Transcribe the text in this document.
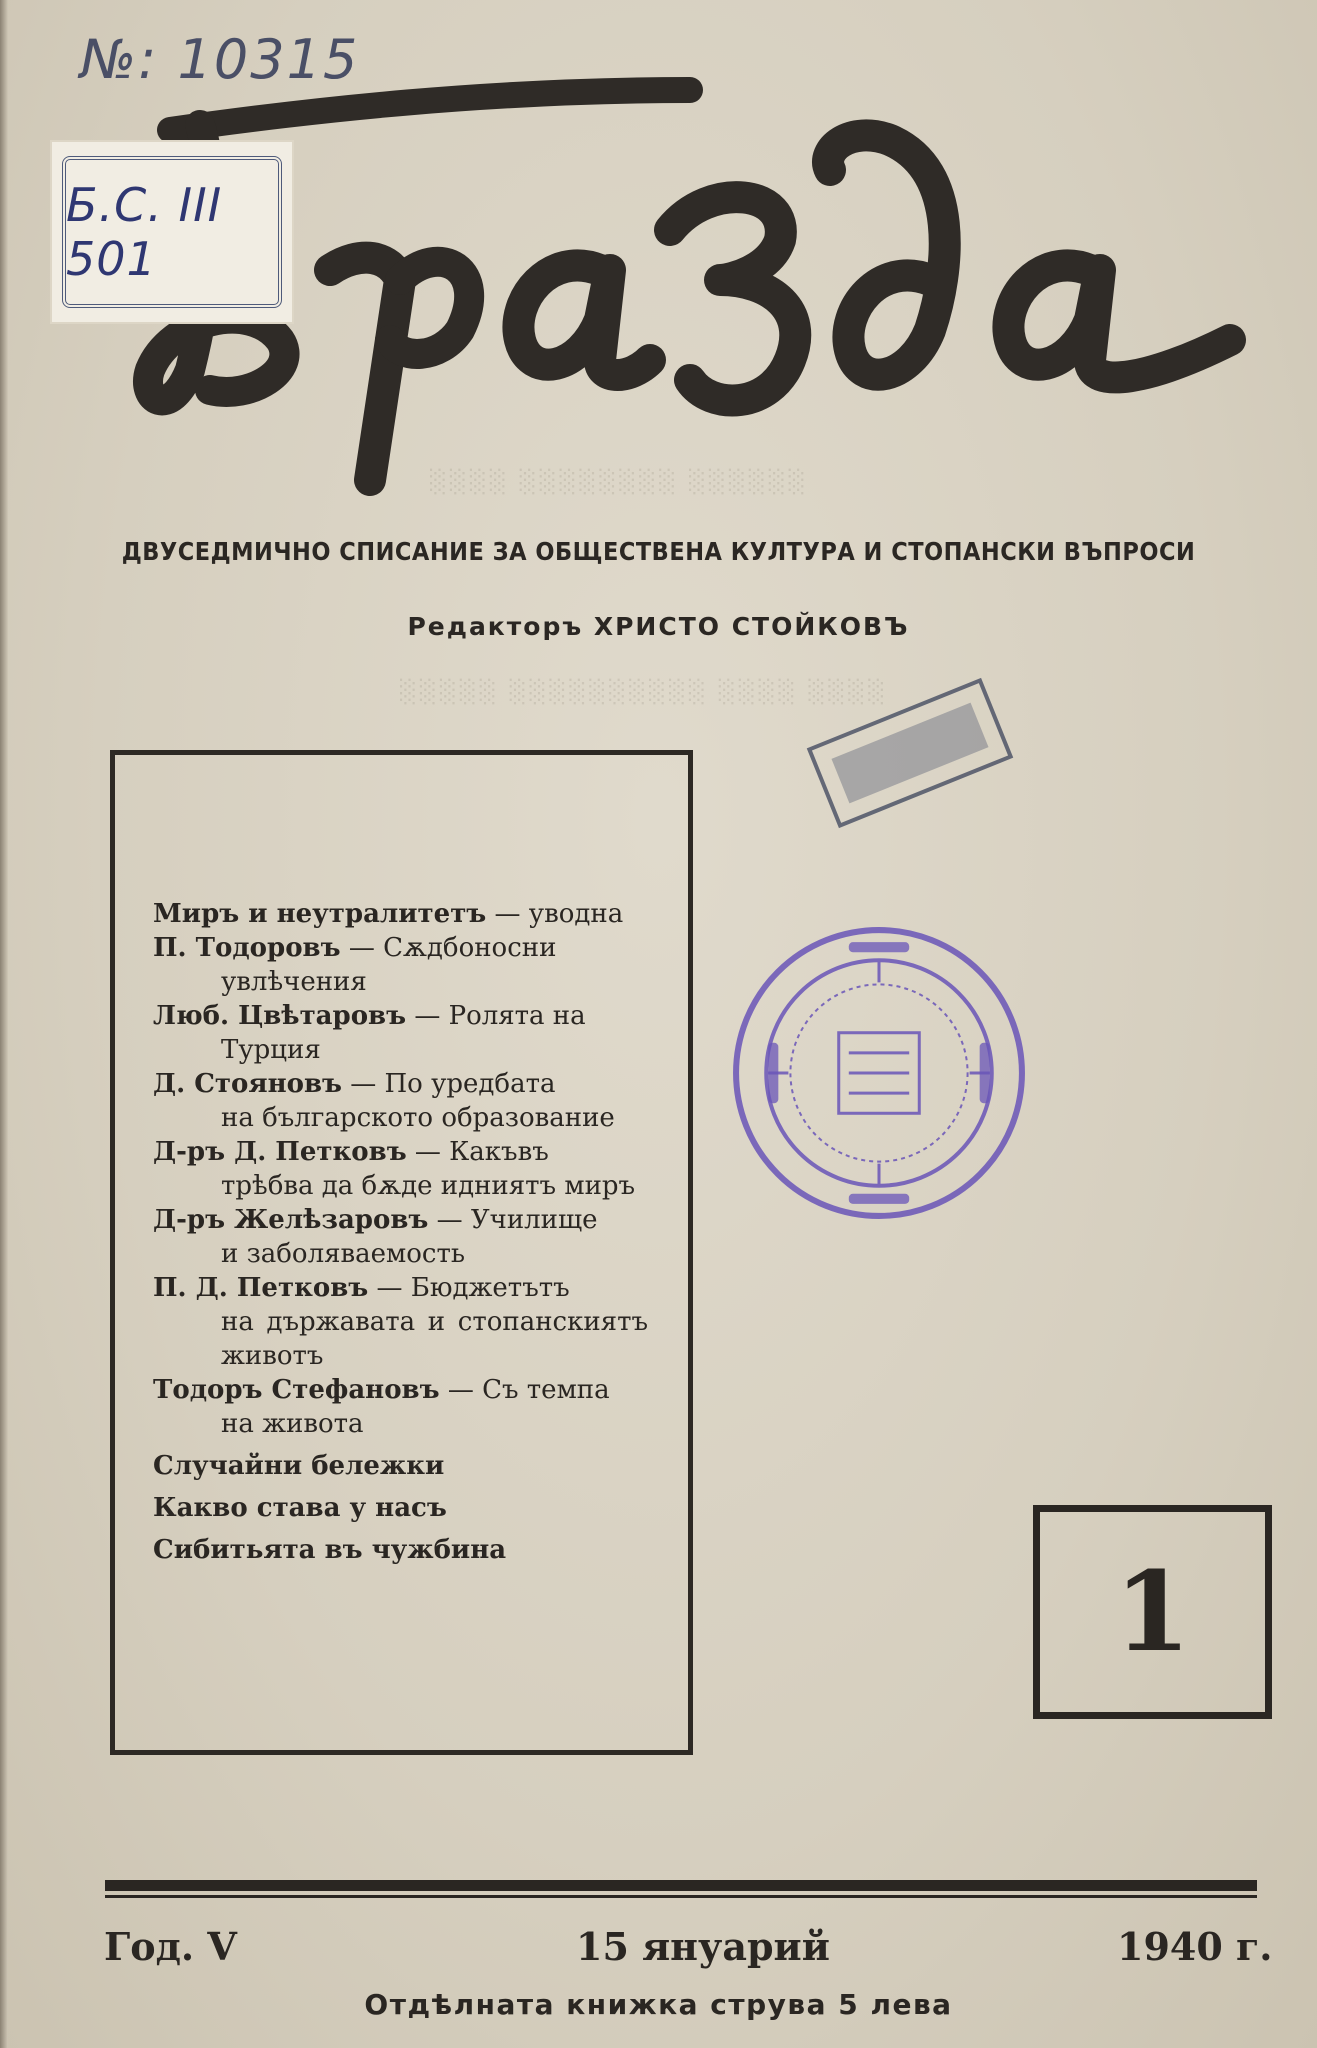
░░░░ ░░░░░░░░ ░░░░░░
░░░░░ ░░░░░░░░░░ ░░░░ ░░░░
№: 10315
Б.С. III 501
ДВУСЕДМИЧНО СПИСАНИЕ ЗА ОБЩЕСТВЕНА КУЛТУРА И СТОПАНСКИ ВЪПРОСИ
Редакторъ ХРИСТО СТОЙКОВЪ

Миръ и неутралитетъ — уводна

П. Тодоровъ — Сѫдбоносни
увлѣчения

Люб. Цвѣтаровъ — Ролята на
Турция

Д. Стояновъ — По уредбата
на българското образование

Д-ръ Д. Петковъ — Какъвъ
трѣбва да бѫде идниятъ миръ

Д-ръ Желѣзаровъ — Училище
и заболяваемость

П. Д. Петковъ — Бюджетътъ
на държавата и стопанскиятъ животъ

Тодоръ Стефановъ — Съ темпа
на живота

Случайни бележки

Какво става у насъ

Сибитьята въ чужбина	1
Год. V	15 януарий	1940 г.
Отдѣлната книжка струва 5 лева
